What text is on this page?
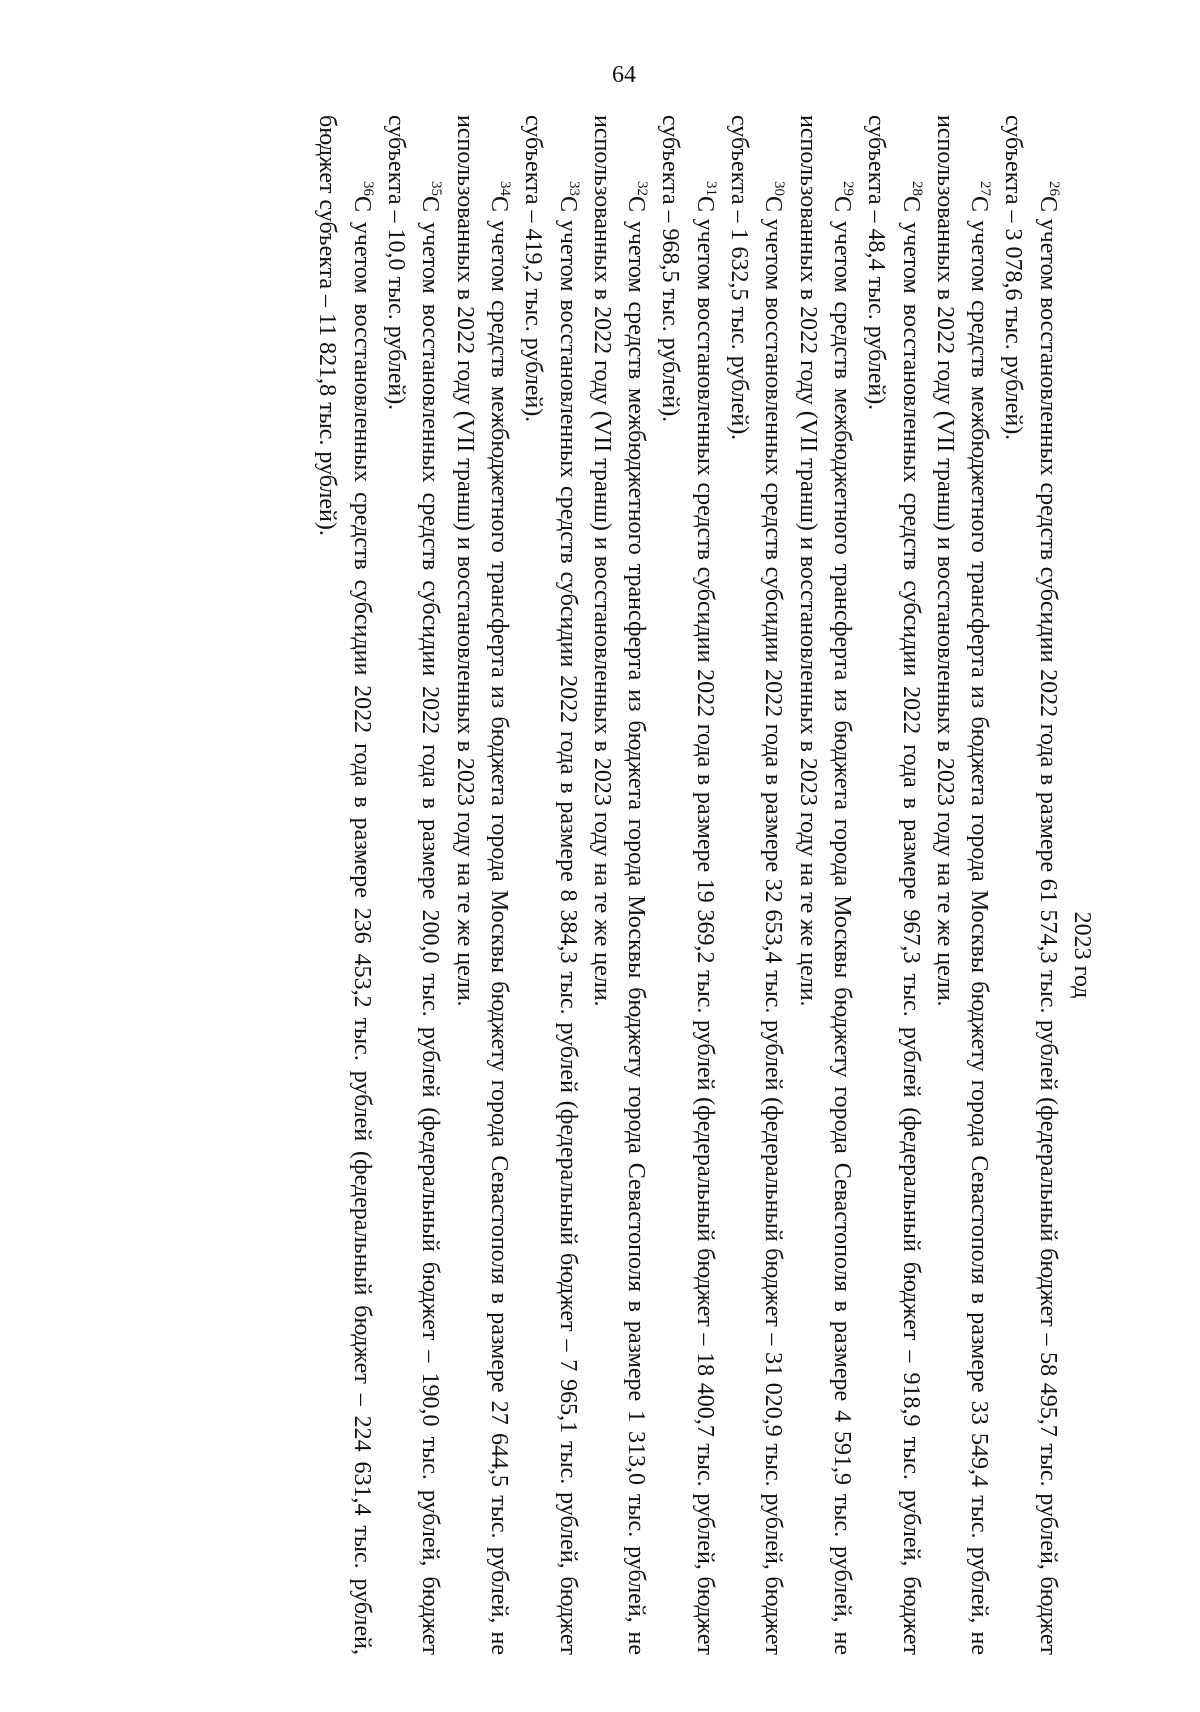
64
2023 год

$^{26}$С учетом восстановленных средств субсидии 2022 года в размере 61 574,3 тыс. рублей (федеральный бюджет – 58 495,7 тыс. рублей, бюджет субъекта – 3 078,6 тыс. рублей).

$^{27}$С учетом средств межбюджетного трансферта из бюджета города Москвы бюджету города Севастополя в размере 33 549,4 тыс. рублей, не использованных в 2022 году (VII транш) и восстановленных в 2023 году на те же цели.

$^{28}$С учетом восстановленных средств субсидии 2022 года в размере 967,3 тыс. рублей (федеральный бюджет – 918,9 тыс. рублей, бюджет субъекта – 48,4 тыс. рублей).

$^{29}$С учетом средств межбюджетного трансферта из бюджета города Москвы бюджету города Севастополя в размере 4 591,9 тыс. рублей, не использованных в 2022 году (VII транш) и восстановленных в 2023 году на те же цели.

$^{30}$С учетом восстановленных средств субсидии 2022 года в размере 32 653,4 тыс. рублей (федеральный бюджет – 31 020,9 тыс. рублей, бюджет субъекта – 1 632,5 тыс. рублей).

$^{31}$С учетом восстановленных средств субсидии 2022 года в размере 19 369,2 тыс. рублей (федеральный бюджет – 18 400,7 тыс. рублей, бюджет субъекта – 968,5 тыс. рублей).

$^{32}$С учетом средств межбюджетного трансферта из бюджета города Москвы бюджету города Севастополя в размере 1 313,0 тыс. рублей, не использованных в 2022 году (VII транш) и восстановленных в 2023 году на те же цели.

$^{33}$С учетом восстановленных средств субсидии 2022 года в размере 8 384,3 тыс. рублей (федеральный бюджет – 7 965,1 тыс. рублей, бюджет субъекта – 419,2 тыс. рублей).

$^{34}$С учетом средств межбюджетного трансферта из бюджета города Москвы бюджету города Севастополя в размере 27 644,5 тыс. рублей, не использованных в 2022 году (VII транш) и восстановленных в 2023 году на те же цели.

$^{35}$С учетом восстановленных средств субсидии 2022 года в размере 200,0 тыс. рублей (федеральный бюджет – 190,0 тыс. рублей, бюджет субъекта – 10,0 тыс. рублей).

$^{36}$С учетом восстановленных средств субсидии 2022 года в размере 236 453,2 тыс. рублей (федеральный бюджет – 224 631,4 тыс. рублей, бюджет субъекта – 11 821,8 тыс. рублей).
